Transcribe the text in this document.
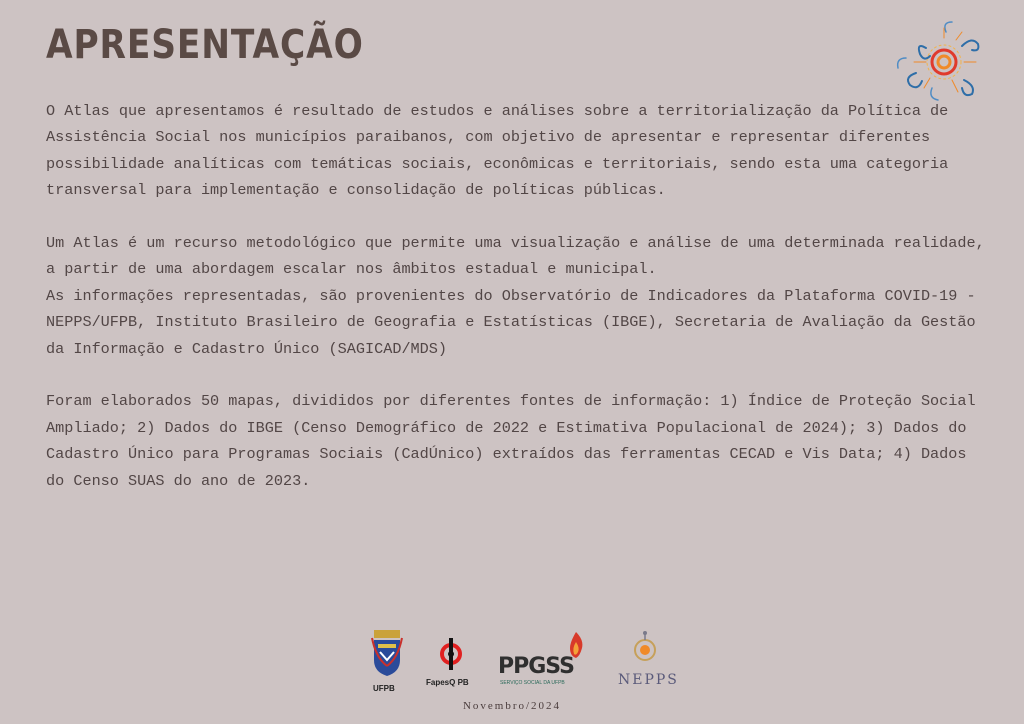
APRESENTAÇÃO

O Atlas que apresentamos é resultado de estudos e análises sobre a territorialização da Política de Assistência Social nos municípios paraibanos, com objetivo de apresentar e representar diferentes possibilidade analíticas com temáticas sociais, econômicas e territoriais, sendo esta uma categoria transversal para implementação e consolidação de políticas públicas.

Um Atlas é um recurso metodológico que permite uma visualização e análise de uma determinada realidade, a partir de uma abordagem escalar nos âmbitos estadual e municipal.

As informações representadas, são provenientes do Observatório de Indicadores da Plataforma COVID-19 - NEPPS/UFPB, Instituto Brasileiro de Geografia e Estatísticas (IBGE), Secretaria de Avaliação da Gestão da Informação e Cadastro Único (SAGICAD/MDS)

Foram elaborados 50 mapas, divididos por diferentes fontes de informação: 1) Índice de Proteção Social Ampliado; 2) Dados do IBGE (Censo Demográfico de 2022 e Estimativa Populacional de 2024); 3) Dados do Cadastro Único para Programas Sociais (CadÚnico) extraídos das ferramentas CECAD e Vis Data; 4) Dados do Censo SUAS do ano de 2023.

UFPB
FapesQ PB
PPGSS
SERVIÇO SOCIAL DA UFPB	NEPPS
Novembro/2024
